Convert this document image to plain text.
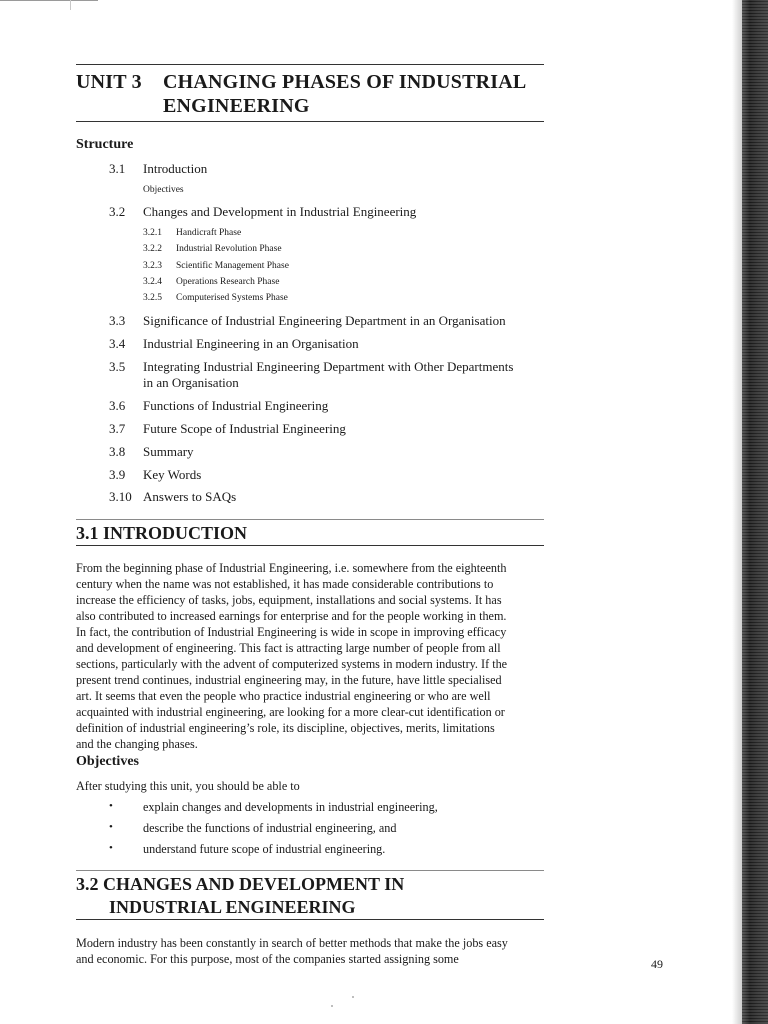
UNIT 3 CHANGING PHASES OF INDUSTRIAL
ENGINEERING
Structure
3.1 Introduction
Objectives
3.2 Changes and Development in Industrial Engineering
3.2.1 Handicraft Phase
3.2.2 Industrial Revolution Phase
3.2.3 Scientific Management Phase
3.2.4 Operations Research Phase
3.2.5 Computerised Systems Phase
3.3 Significance of Industrial Engineering Department in an Organisation
3.4 Industrial Engineering in an Organisation
3.5 Integrating Industrial Engineering Department with Other Departments
in an Organisation
3.6 Functions of Industrial Engineering
3.7 Future Scope of Industrial Engineering
3.8 Summary
3.9 Key Words
3.10 Answers to SAQs
3.1 INTRODUCTION
From the beginning phase of Industrial Engineering, i.e. somewhere from the eighteenth
century when the name was not established, it has made considerable contributions to
increase the efficiency of tasks, jobs, equipment, installations and social systems. It has
also contributed to increased earnings for enterprise and for the people working in them.
In fact, the contribution of Industrial Engineering is wide in scope in improving efficacy
and development of engineering. This fact is attracting large number of people from all
sections, particularly with the advent of computerized systems in modern industry. If the
present trend continues, industrial engineering may, in the future, have little specialised
art. It seems that even the people who practice industrial engineering or who are well
acquainted with industrial engineering, are looking for a more clear-cut identification or
definition of industrial engineering’s role, its discipline, objectives, merits, limitations
and the changing phases.
Objectives
After studying this unit, you should be able to
• explain changes and developments in industrial engineering,
• describe the functions of industrial engineering, and
• understand future scope of industrial engineering.
3.2 CHANGES AND DEVELOPMENT IN
INDUSTRIAL ENGINEERING
Modern industry has been constantly in search of better methods that make the jobs easy
and economic. For this purpose, most of the companies started assigning some	49
